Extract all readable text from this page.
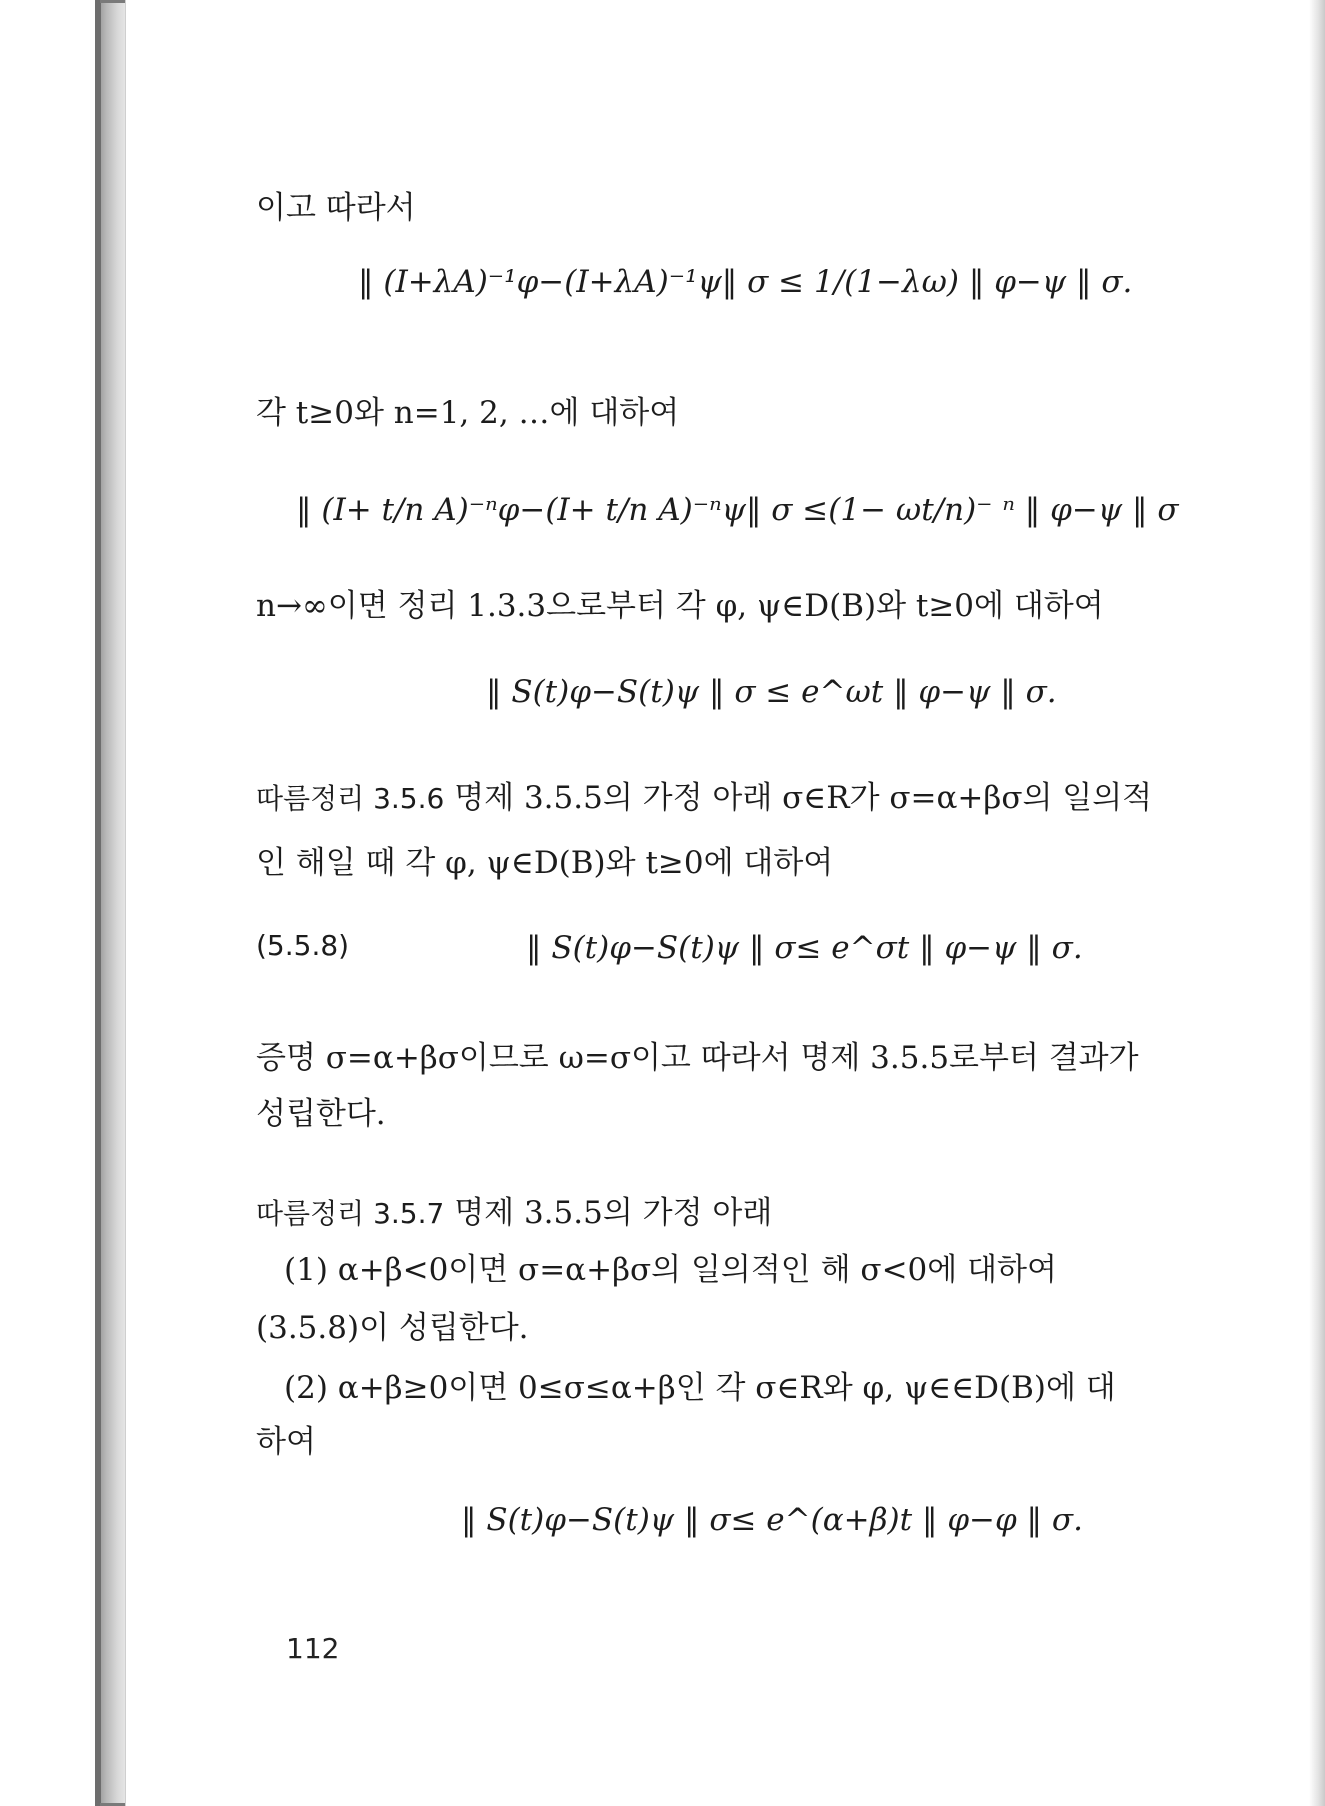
이고 따라서
‖ (I+λA)⁻¹φ−(I+λA)⁻¹ψ‖ σ ≤ 1/(1−λω) ‖ φ−ψ ‖ σ.
각 t≥0와 n=1, 2, …에 대하여
‖ (I+ t/n A)⁻ⁿφ−(I+ t/n A)⁻ⁿψ‖ σ ≤(1− ωt/n)⁻ ⁿ ‖ φ−ψ ‖ σ
n→∞이면 정리 1.3.3으로부터 각 φ, ψ∈D(B)와 t≥0에 대하여
‖ S(t)φ−S(t)ψ ‖ σ ≤ e^ωt ‖ φ−ψ ‖ σ.
따름정리 3.5.6 명제 3.5.5의 가정 아래 σ∈R가 σ=α+βσ의 일의적
인 해일 때 각 φ, ψ∈D(B)와 t≥0에 대하여
(5.5.8)	‖ S(t)φ−S(t)ψ ‖ σ≤ e^σt ‖ φ−ψ ‖ σ.
증명 σ=α+βσ이므로 ω=σ이고 따라서 명제 3.5.5로부터 결과가
성립한다.
따름정리 3.5.7 명제 3.5.5의 가정 아래
(1) α+β<0이면 σ=α+βσ의 일의적인 해 σ<0에 대하여
(3.5.8)이 성립한다.
(2) α+β≥0이면 0≤σ≤α+β인 각 σ∈R와 φ, ψ∈∈D(B)에 대
하여
‖ S(t)φ−S(t)ψ ‖ σ≤ e^(α+β)t ‖ φ−φ ‖ σ.
112
